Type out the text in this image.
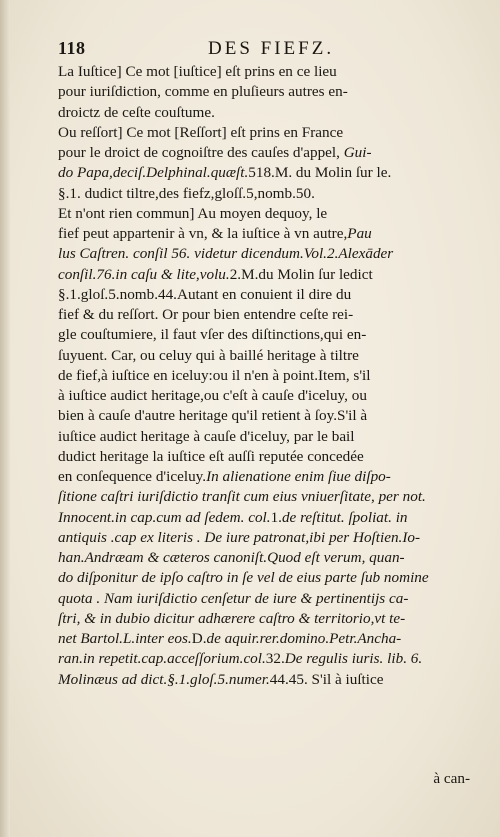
118	DES FIEFZ.
La Iuſtice] Ce mot [iuſtice] eſt prins en ce lieu
pour iuriſdiction, comme en pluſieurs autres en-
droictz de ceſte couſtume.
Ou reſſort] Ce mot [Reſſort] eſt prins en France
pour le droict de cognoiſtre des cauſes d'appel, Gui-
do Papa,deciſ.Delphinal.quæſt.518.M. du Molin ſur le.
§.1. dudict tiltre,des fiefz,gloſſ.5,nomb.50.
Et n'ont rien commun] Au moyen dequoy, le
fief peut appartenir à vn, & la iuſtice à vn autre,Pau
lus Caſtren. conſil 56. videtur dicendum.Vol.2.Alexāder
conſil.76.in caſu & lite,volu.2.M.du Molin ſur ledict
§.1.gloſ.5.nomb.44.Autant en conuient il dire du
fief & du reſſort. Or pour bien entendre ceſte rei-
gle couſtumiere, il faut vſer des diſtinctions,qui en-
ſuyuent. Car, ou celuy qui à baillé heritage à tiltre
de fief,à iuſtice en iceluy:ou il n'en à point.Item, s'il
à iuſtice audict heritage,ou c'eſt à cauſe d'iceluy, ou
bien à cauſe d'autre heritage qu'il retient à ſoy.S'il à
iuſtice audict heritage à cauſe d'iceluy, par le bail
dudict heritage la iuſtice eſt auſſi reputée concedée
en conſequence d'iceluy.In alienatione enim ſiue diſpo-
ſitione caſtri iuriſdictio tranſit cum eius vniuerſitate, per not.
Innocent.in cap.cum ad ſedem. col.1.de reſtitut. ſpoliat. in
antiquis .cap ex literis . De iure patronat,ibi per Hoſtien.Io-
han.Andræam & cæteros canoniſt.Quod eſt verum, quan-
do diſponitur de ipſo caſtro in ſe vel de eius parte ſub nomine
quota . Nam iuriſdictio cenſetur de iure & pertinentijs ca-
ſtri, & in dubio dicitur adhærere caſtro & territorio,vt te-
net Bartol.L.inter eos.D.de aquir.rer.domino.Petr.Ancha-
ran.in repetit.cap.acceſſorium.col.32.De regulis iuris. lib. 6.
Molinæus ad dict.§.1.gloſ.5.numer.44.45. S'il à iuſtice
à can-
